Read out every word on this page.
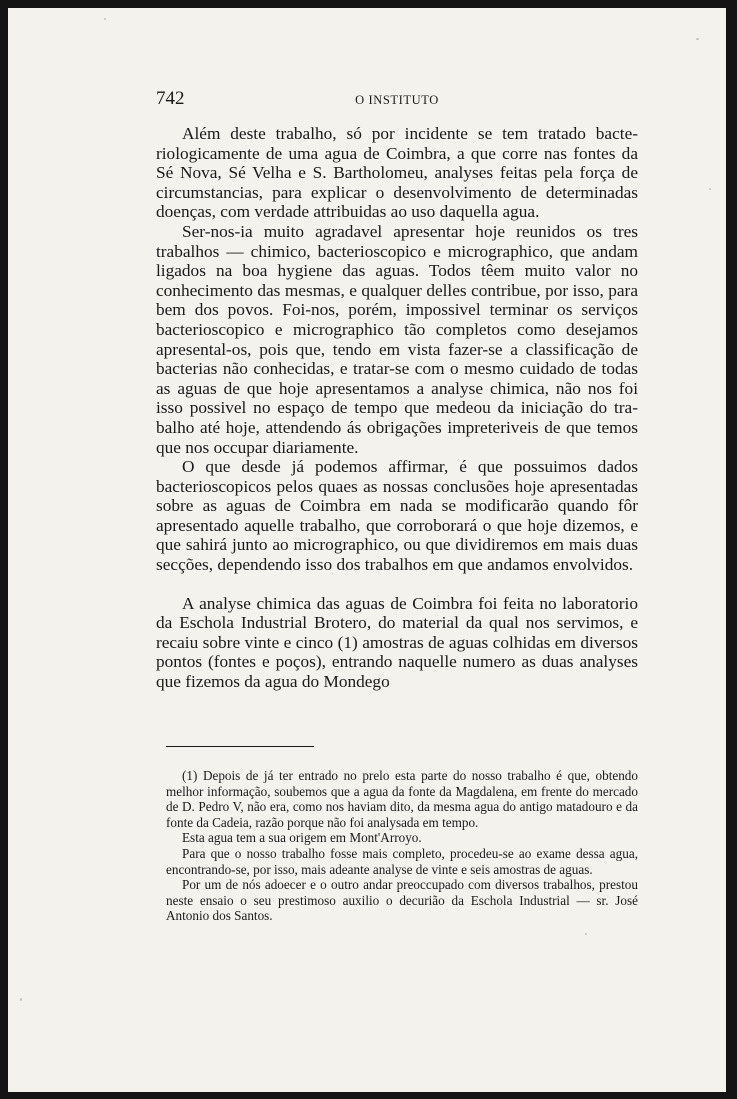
742	O INSTITUTO

Além deste trabalho, só por incidente se tem tratado bacteriologicamente de uma agua de Coimbra, a que corre nas fontes da Sé Nova, Sé Velha e S. Bartholomeu, analyses feitas pela força de circumstancias, para explicar o desenvolvimento de determinadas doenças, com verdade attribuidas ao uso daquella agua.

Ser-nos-ia muito agradavel apresentar hoje reunidos os tres trabalhos — chimico, bacterioscopico e micrographico, que andam ligados na boa hygiene das aguas. Todos têem muito valor no conhecimento das mesmas, e qualquer delles contribue, por isso, para bem dos povos. Foi-nos, porém, impossivel terminar os serviços bacterioscopico e micrographico tão completos como desejamos apresental-os, pois que, tendo em vista fazer-se a classificação de bacterias não conhecidas, e tratar-se com o mesmo cuidado de todas as aguas de que hoje apresentamos a analyse chimica, não nos foi isso possivel no espaço de tempo que medeou da iniciação do trabalho até hoje, attendendo ás obrigações impreteriveis de que temos que nos occupar diariamente.

O que desde já podemos affirmar, é que possuimos dados bacterioscopicos pelos quaes as nossas conclusões hoje apresentadas sobre as aguas de Coimbra em nada se modificarão quando fôr apresentado aquelle trabalho, que corroborará o que hoje dizemos, e que sahirá junto ao micrographico, ou que dividiremos em mais duas secções, dependendo isso dos trabalhos em que andamos envolvidos.

A analyse chimica das aguas de Coimbra foi feita no laboratorio da Escholа Industrial Brotero, do material da qual nos servimos, e recaiu sobre vinte e cinco (1) amostras de aguas colhidas em diversos pontos (fontes e poços), entrando naquelle numero as duas analyses que fizemos da agua do Mondego

(1) Depois de já ter entrado no prelo esta parte do nosso trabalho é que, obtendo melhor informação, soubemos que a agua da fonte da Magdalena, em frente do mercado de D. Pedro V, não era, como nos haviam dito, da mesma agua do antigo matadouro e da fonte da Cadeia, razão porque não foi analysada em tempo.

Esta agua tem a sua origem em Mont'Arroyo.

Para que o nosso trabalho fosse mais completo, procedeu-se ao exame dessa agua, encontrando-se, por isso, mais adeante analyse de vinte e seis amostras de aguas.

Por um de nós adoecer e o outro andar preoccupado com diversos trabalhos, prestou neste ensaio o seu prestimoso auxilio o decurião da Eschola Industrial — sr. José Antonio dos Santos.
